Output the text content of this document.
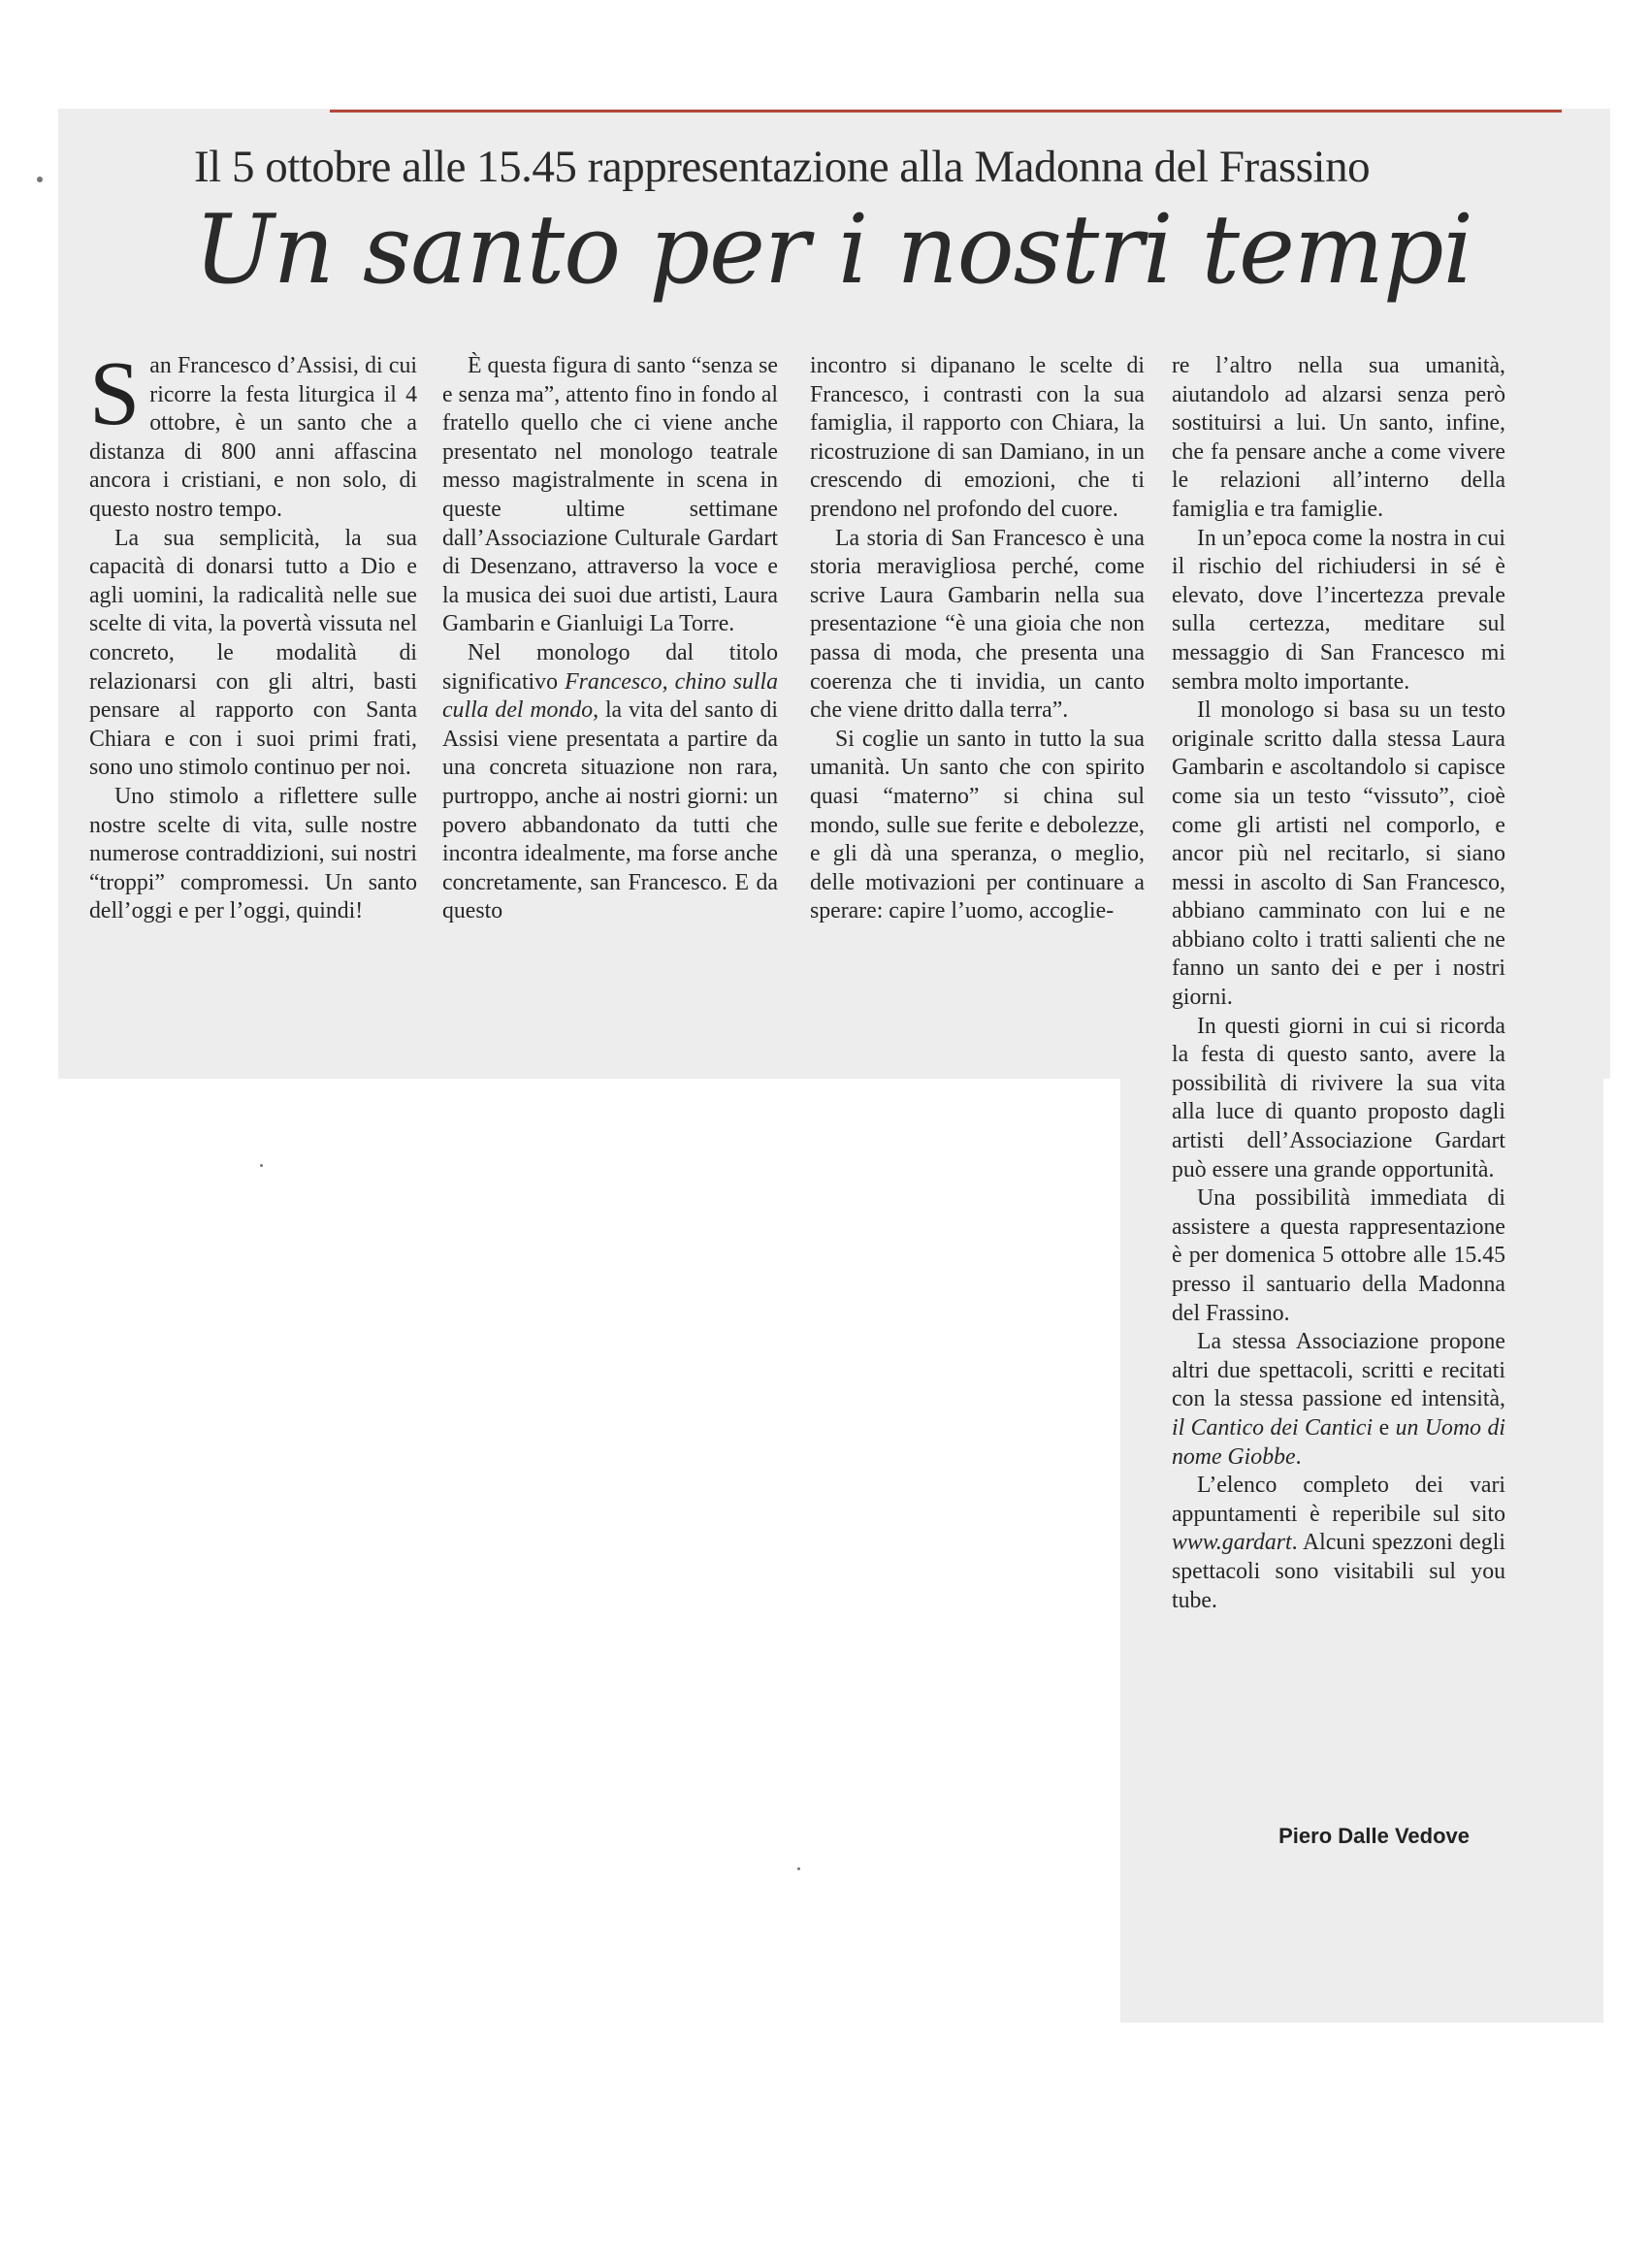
Il 5 ottobre alle 15.45 rappresentazione alla Madonna del Frassino
Un santo per i nostri tempi

San Francesco d’Assisi, di cui ricorre la festa liturgica il 4 ottobre, è un santo che a distanza di 800 anni affascina ancora i cristiani, e non solo, di questo nostro tempo.

La sua semplicità, la sua capacità di donarsi tutto a Dio e agli uomini, la radicalità nelle sue scelte di vita, la povertà vissuta nel concreto, le modalità di relazionarsi con gli altri, basti pensare al rapporto con Santa Chiara e con i suoi primi frati, sono uno stimolo continuo per noi.

Uno stimolo a riflettere sulle nostre scelte di vita, sulle nostre numerose contraddizioni, sui nostri “troppi” compromessi. Un santo dell’oggi e per l’oggi, quindi!

È questa figura di santo “senza se e senza ma”, attento fino in fondo al fratello quello che ci viene anche presentato nel monologo teatrale messo magistralmente in scena in queste ultime settimane dall’Associazione Culturale Gardart di Desenzano, attraverso la voce e la musica dei suoi due artisti, Laura Gambarin e Gianluigi La Torre.

Nel monologo dal titolo significativo Francesco, chino sulla culla del mondo, la vita del santo di Assisi viene presentata a partire da una concreta situazione non rara, purtroppo, anche ai nostri giorni: un povero abbandonato da tutti che incontra idealmente, ma forse anche concretamente, san Francesco. E da questo

incontro si dipanano le scelte di Francesco, i contrasti con la sua famiglia, il rapporto con Chiara, la ricostruzione di san Damiano, in un crescendo di emozioni, che ti prendono nel profondo del cuore.

La storia di San Francesco è una storia meravigliosa perché, come scrive Laura Gambarin nella sua presentazione “è una gioia che non passa di moda, che presenta una coerenza che ti invidia, un canto che viene dritto dalla terra”.

Si coglie un santo in tutto la sua umanità. Un santo che con spirito quasi “materno” si china sul mondo, sulle sue ferite e debolezze, e gli dà una speranza, o meglio, delle motivazioni per continuare a sperare: capire l’uomo, accoglie-

re l’altro nella sua umanità, aiutandolo ad alzarsi senza però sostituirsi a lui. Un santo, infine, che fa pensare anche a come vivere le relazioni all’interno della famiglia e tra famiglie.

In un’epoca come la nostra in cui il rischio del richiudersi in sé è elevato, dove l’incertezza prevale sulla certezza, meditare sul messaggio di San Francesco mi sembra molto importante.

Il monologo si basa su un testo originale scritto dalla stessa Laura Gambarin e ascoltandolo si capisce come sia un testo “vissuto”, cioè come gli artisti nel comporlo, e ancor più nel recitarlo, si siano messi in ascolto di San Francesco, abbiano camminato con lui e ne abbiano colto i tratti salienti che ne fanno un santo dei e per i nostri giorni.

In questi giorni in cui si ricorda la festa di questo santo, avere la possibilità di rivivere la sua vita alla luce di quanto proposto dagli artisti dell’Associazione Gardart può essere una grande opportunità.

Una possibilità immediata di assistere a questa rappresentazione è per domenica 5 ottobre alle 15.45 presso il santuario della Madonna del Frassino.

La stessa Associazione propone altri due spettacoli, scritti e recitati con la stessa passione ed intensità, il Cantico dei Cantici e un Uomo di nome Giobbe.

L’elenco completo dei vari appuntamenti è reperibile sul sito www.gardart. Alcuni spezzoni degli spettacoli sono visitabili sul you tube.

Piero Dalle Vedove
